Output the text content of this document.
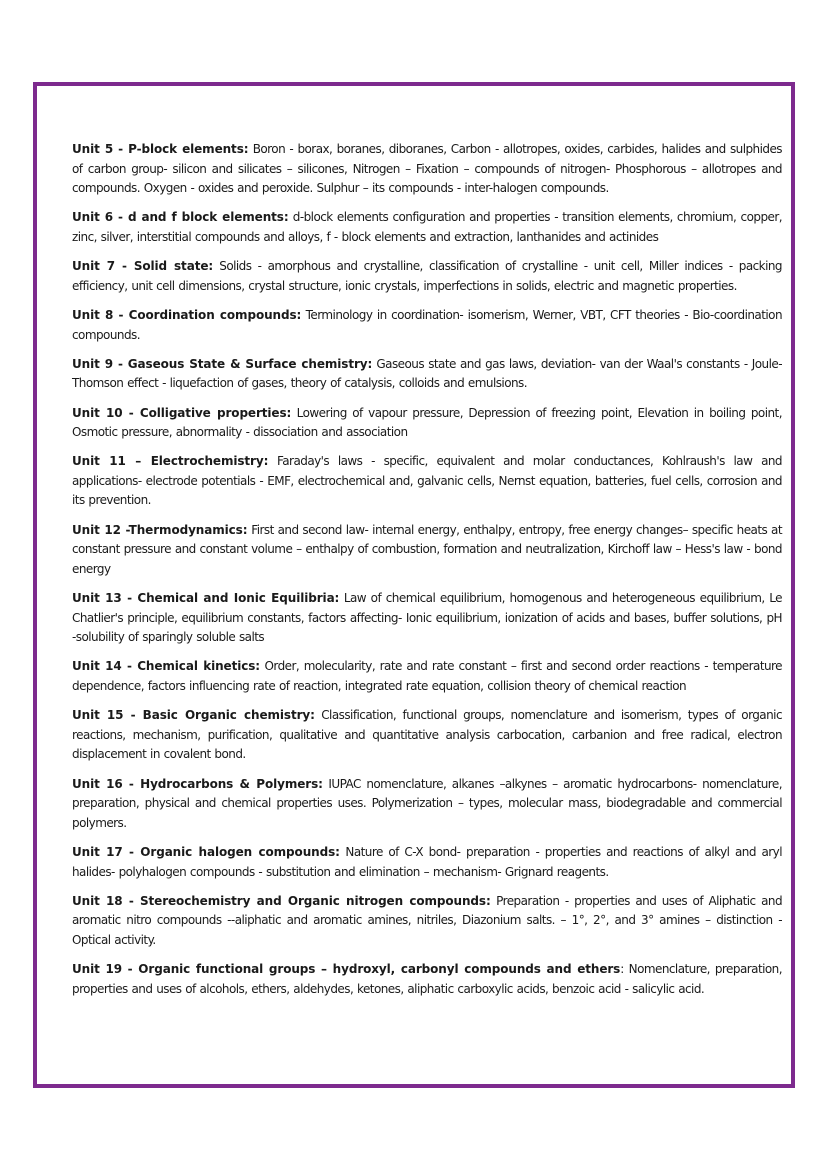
Unit 5 - P-block elements: Boron - borax, boranes, diboranes, Carbon - allotropes, oxides, carbides, halides and sulphides of carbon group- silicon and silicates – silicones, Nitrogen – Fixation – compounds of nitrogen- Phosphorous – allotropes and compounds. Oxygen - oxides and peroxide. Sulphur – its compounds - inter-halogen compounds.

Unit 6 - d and f block elements: d-block elements configuration and properties - transition elements, chromium, copper, zinc, silver, interstitial compounds and alloys, f - block elements and extraction, lanthanides and actinides

Unit 7 - Solid state: Solids - amorphous and crystalline, classification of crystalline - unit cell, Miller indices - packing efficiency, unit cell dimensions, crystal structure, ionic crystals, imperfections in solids, electric and magnetic properties.

Unit 8 - Coordination compounds: Terminology in coordination- isomerism, Werner, VBT, CFT theories - Bio-coordination compounds.

Unit 9 - Gaseous State & Surface chemistry: Gaseous state and gas laws, deviation- van der Waal's constants - Joule-Thomson effect - liquefaction of gases, theory of catalysis, colloids and emulsions.

Unit 10 - Colligative properties: Lowering of vapour pressure, Depression of freezing point, Elevation in boiling point, Osmotic pressure, abnormality - dissociation and association

Unit 11 – Electrochemistry: Faraday's laws - specific, equivalent and molar conductances, Kohlraush's law and applications- electrode potentials - EMF, electrochemical and, galvanic cells, Nernst equation, batteries, fuel cells, corrosion and its prevention.

Unit 12 -Thermodynamics: First and second law- internal energy, enthalpy, entropy, free energy changes– specific heats at constant pressure and constant volume – enthalpy of combustion, formation and neutralization, Kirchoff law – Hess's law - bond energy

Unit 13 - Chemical and Ionic Equilibria: Law of chemical equilibrium, homogenous and heterogeneous equilibrium, Le Chatlier's principle, equilibrium constants, factors affecting- Ionic equilibrium, ionization of acids and bases, buffer solutions, pH -solubility of sparingly soluble salts

Unit 14 - Chemical kinetics: Order, molecularity, rate and rate constant – first and second order reactions - temperature dependence, factors influencing rate of reaction, integrated rate equation, collision theory of chemical reaction

Unit 15 - Basic Organic chemistry: Classification, functional groups, nomenclature and isomerism, types of organic reactions, mechanism, purification, qualitative and quantitative analysis carbocation, carbanion and free radical, electron displacement in covalent bond.

Unit 16 - Hydrocarbons & Polymers: IUPAC nomenclature, alkanes –alkynes – aromatic hydrocarbons- nomenclature, preparation, physical and chemical properties uses. Polymerization – types, molecular mass, biodegradable and commercial polymers.

Unit 17 - Organic halogen compounds: Nature of C-X bond- preparation - properties and reactions of alkyl and aryl halides- polyhalogen compounds - substitution and elimination – mechanism- Grignard reagents.

Unit 18 - Stereochemistry and Organic nitrogen compounds: Preparation - properties and uses of Aliphatic and aromatic nitro compounds --aliphatic and aromatic amines, nitriles, Diazonium salts. – 1°, 2°, and 3° amines – distinction - Optical activity.

Unit 19 - Organic functional groups – hydroxyl, carbonyl compounds and ethers: Nomenclature, preparation, properties and uses of alcohols, ethers, aldehydes, ketones, aliphatic carboxylic acids, benzoic acid - salicylic acid.
